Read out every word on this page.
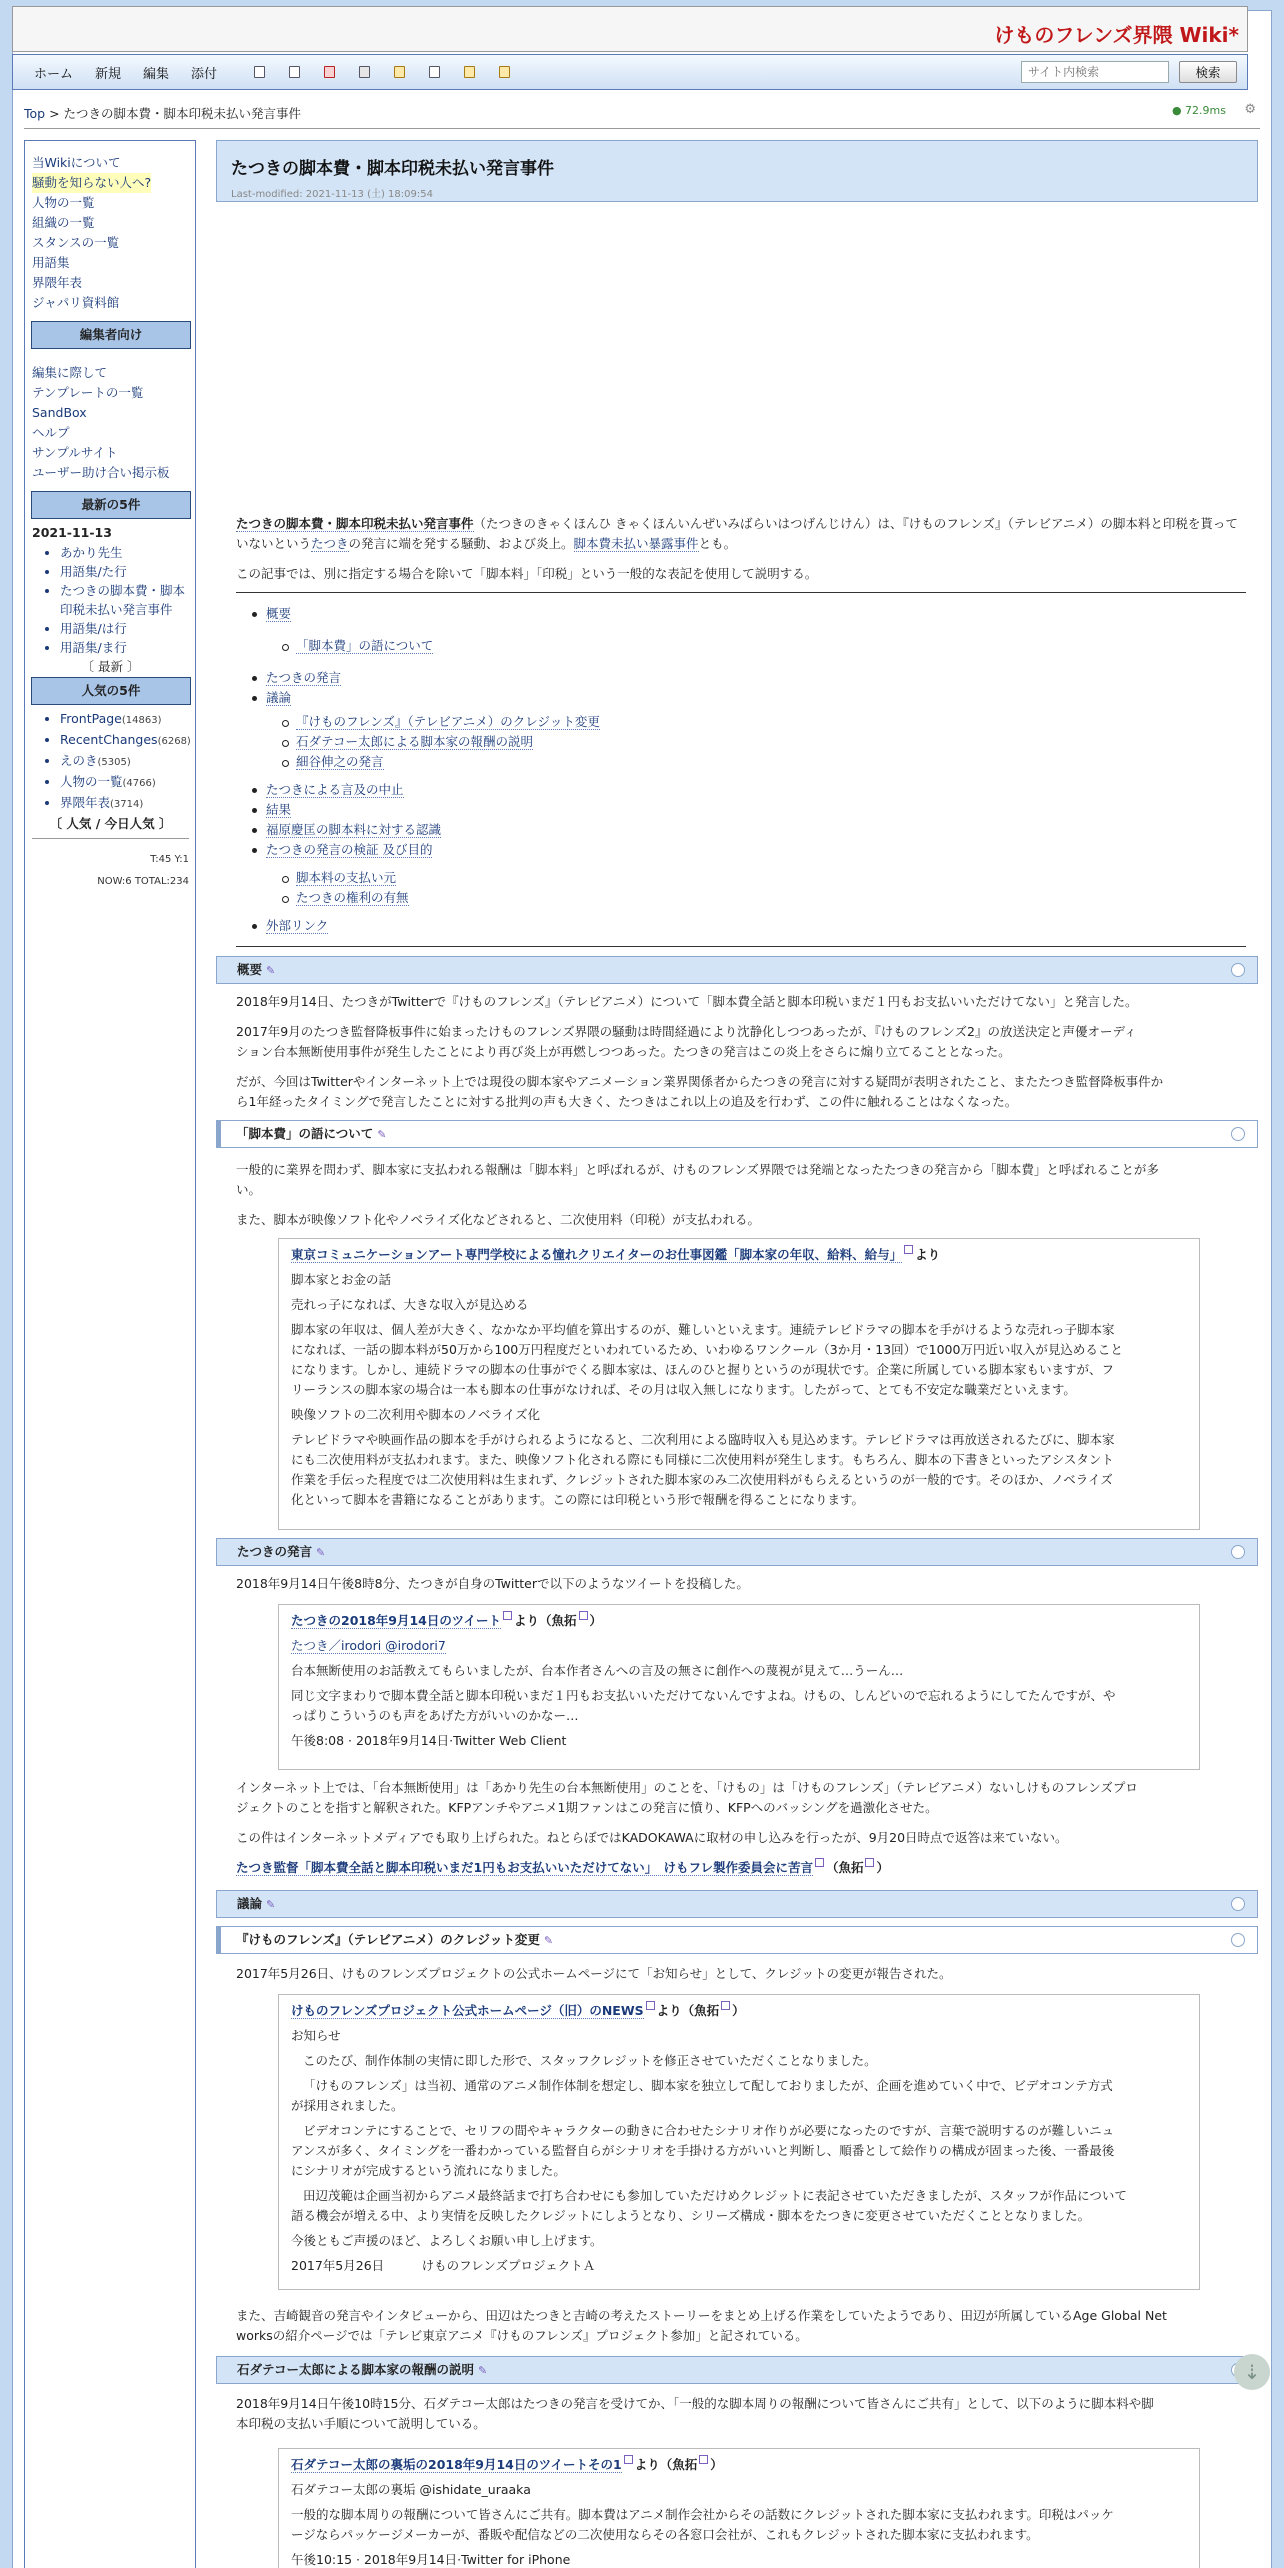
けものフレンズ界隈 Wiki*
ホーム 新規 編集 添付
サイト内検索	検索
Top > たつきの脚本費・脚本印税未払い発言事件	● 72.9ms ⚙
当Wikiについて
騒動を知らない人へ?
人物の一覧
組織の一覧
スタンスの一覧
用語集
界隈年表
ジャパリ資料館
編集者向け
編集に際して
テンプレートの一覧
SandBox
ヘルプ
サンプルサイト
ユーザー助け合い掲示板
最新の5件
2021-11-13
• あかり先生
• 用語集/た行
• たつきの脚本費・脚本印税未払い発言事件
• 用語集/は行
• 用語集/ま行
〔 最新 〕
人気の5件
• FrontPage(14863)
• RecentChanges(6268)
• えのき(5305)
• 人物の一覧(4766)
• 界隈年表(3714)
〔 人気 / 今日人気 〕
T:45 Y:1
NOW:6 TOTAL:234
たつきの脚本費・脚本印税未払い発言事件
Last-modified: 2021-11-13 (土) 18:09:54
たつきの脚本費・脚本印税未払い発言事件（たつきのきゃくほんひ きゃくほんいんぜいみばらいはつげんじけん）は、『けものフレンズ』（テレビアニメ）の脚本料と印税を貰っていないというたつきの発言に端を発する騒動、および炎上。脚本費未払い暴露事件とも。
この記事では、別に指定する場合を除いて「脚本料」「印税」という一般的な表記を使用して説明する。
概要
「脚本費」の語について
たつきの発言
議論
『けものフレンズ』（テレビアニメ）のクレジット変更
石ダテコー太郎による脚本家の報酬の説明
細谷伸之の発言
たつきによる言及の中止
結果
福原慶匡の脚本料に対する認識
たつきの発言の検証 及び目的
脚本料の支払い元
たつきの権利の有無
外部リンク
概要 ✎
2018年9月14日、たつきがTwitterで『けものフレンズ』（テレビアニメ）について「脚本費全話と脚本印税いまだ１円もお支払いいただけてない」と発言した。
2017年9月のたつき監督降板事件に始まったけものフレンズ界隈の騒動は時間経過により沈静化しつつあったが、『けものフレンズ2』の放送決定と声優オーディ
ション台本無断使用事件が発生したことにより再び炎上が再燃しつつあった。たつきの発言はこの炎上をさらに煽り立てることとなった。
だが、今回はTwitterやインターネット上では現役の脚本家やアニメーション業界関係者からたつきの発言に対する疑問が表明されたこと、またたつき監督降板事件か
ら1年経ったタイミングで発言したことに対する批判の声も大きく、たつきはこれ以上の追及を行わず、この件に触れることはなくなった。
「脚本費」の語について ✎
一般的に業界を問わず、脚本家に支払われる報酬は「脚本料」と呼ばれるが、けものフレンズ界隈では発端となったたつきの発言から「脚本費」と呼ばれることが多
い。
また、脚本が映像ソフト化やノベライズ化などされると、二次使用料（印税）が支払われる。

東京コミュニケーションアート専門学校による憧れクリエイターのお仕事図鑑「脚本家の年収、給料、給与」 より

脚本家とお金の話

売れっ子になれば、大きな収入が見込める

脚本家の年収は、個人差が大きく、なかなか平均値を算出するのが、難しいといえます。連続テレビドラマの脚本を手がけるような売れっ子脚本家

になれば、一話の脚本料が50万から100万円程度だといわれているため、いわゆるワンクール（3か月・13回）で1000万円近い収入が見込めること

になります。しかし、連続ドラマの脚本の仕事がでくる脚本家は、ほんのひと握りというのが現状です。企業に所属している脚本家もいますが、フ

リーランスの脚本家の場合は一本も脚本の仕事がなければ、その月は収入無しになります。したがって、とても不安定な職業だといえます。

映像ソフトの二次利用や脚本のノベライズ化

テレビドラマや映画作品の脚本を手がけられるようになると、二次利用による臨時収入も見込めます。テレビドラマは再放送されるたびに、脚本家

にも二次使用料が支払われます。また、映像ソフト化される際にも同様に二次使用料が発生します。もちろん、脚本の下書きといったアシスタント

作業を手伝った程度では二次使用料は生まれず、クレジットされた脚本家のみ二次使用料がもらえるというのが一般的です。そのほか、ノベライズ

化といって脚本を書籍になることがあります。この際には印税という形で報酬を得ることになります。

たつきの発言 ✎
2018年9月14日午後8時8分、たつきが自身のTwitterで以下のようなツイートを投稿した。

たつきの2018年9月14日のツイート より（魚拓 ）

たつき／irodori @irodori7

台本無断使用のお話教えてもらいましたが、台本作者さんへの言及の無さに創作への蔑視が見えて…うーん…

同じ文字まわりで脚本費全話と脚本印税いまだ１円もお支払いいただけてないんですよね。けもの、しんどいので忘れるようにしてたんですが、や

っぱりこういうのも声をあげた方がいいのかなー…

午後8:08 · 2018年9月14日·Twitter Web Client

インターネット上では、「台本無断使用」は「あかり先生の台本無断使用」のことを、「けもの」は「けものフレンズ」（テレビアニメ）ないしけものフレンズプロ
ジェクトのことを指すと解釈された。KFPアンチやアニメ1期ファンはこの発言に憤り、KFPへのバッシングを過激化させた。
この件はインターネットメディアでも取り上げられた。ねとらぼではKADOKAWAに取材の申し込みを行ったが、9月20日時点で返答は来ていない。
たつき監督「脚本費全話と脚本印税いまだ1円もお支払いいただけてない」　けもフレ製作委員会に苦言 （魚拓 ）
議論 ✎
『けものフレンズ』（テレビアニメ）のクレジット変更 ✎
2017年5月26日、けものフレンズプロジェクトの公式ホームページにて「お知らせ」として、クレジットの変更が報告された。

けものフレンズプロジェクト公式ホームページ（旧）のNEWS より（魚拓 ）

お知らせ

このたび、制作体制の実情に即した形で、スタッフクレジットを修正させていただくことなりました。

「けものフレンズ」は当初、通常のアニメ制作体制を想定し、脚本家を独立して配しておりましたが、企画を進めていく中で、ビデオコンテ方式

が採用されました。

ビデオコンテにすることで、セリフの間やキャラクターの動きに合わせたシナリオ作りが必要になったのですが、言葉で説明するのが難しいニュ

アンスが多く、タイミングを一番わかっている監督自らがシナリオを手掛ける方がいいと判断し、順番として絵作りの構成が固まった後、一番最後

にシナリオが完成するという流れになりました。

田辺茂範は企画当初からアニメ最終話まで打ち合わせにも参加していただけめクレジットに表記させていただきましたが、スタッフが作品について

語る機会が増える中、より実情を反映したクレジットにしようとなり、シリーズ構成・脚本をたつきに変更させていただくこととなりました。

今後ともご声援のほど、よろしくお願い申し上げます。

2017年5月26日　　　けものフレンズプロジェクトＡ

また、吉崎観音の発言やインタビューから、田辺はたつきと吉崎の考えたストーリーをまとめ上げる作業をしていたようであり、田辺が所属しているAge Global Net
worksの紹介ページでは「テレビ東京アニメ『けものフレンズ』プロジェクト参加」と記されている。
石ダテコー太郎による脚本家の報酬の説明 ✎
2018年9月14日午後10時15分、石ダテコー太郎はたつきの発言を受けてか、「一般的な脚本周りの報酬について皆さんにご共有」として、以下のように脚本料や脚
本印税の支払い手順について説明している。

石ダテコー太郎の裏垢の2018年9月14日のツイートその1 より（魚拓 ）

石ダテコー太郎の裏垢 @ishidate_uraaka

一般的な脚本周りの報酬について皆さんにご共有。脚本費はアニメ制作会社からその話数にクレジットされた脚本家に支払われます。印税はパッケ

ージならパッケージメーカーが、番販や配信などの二次使用ならその各窓口会社が、これもクレジットされた脚本家に支払われます。

午後10:15 · 2018年9月14日·Twitter for iPhone

⇣
